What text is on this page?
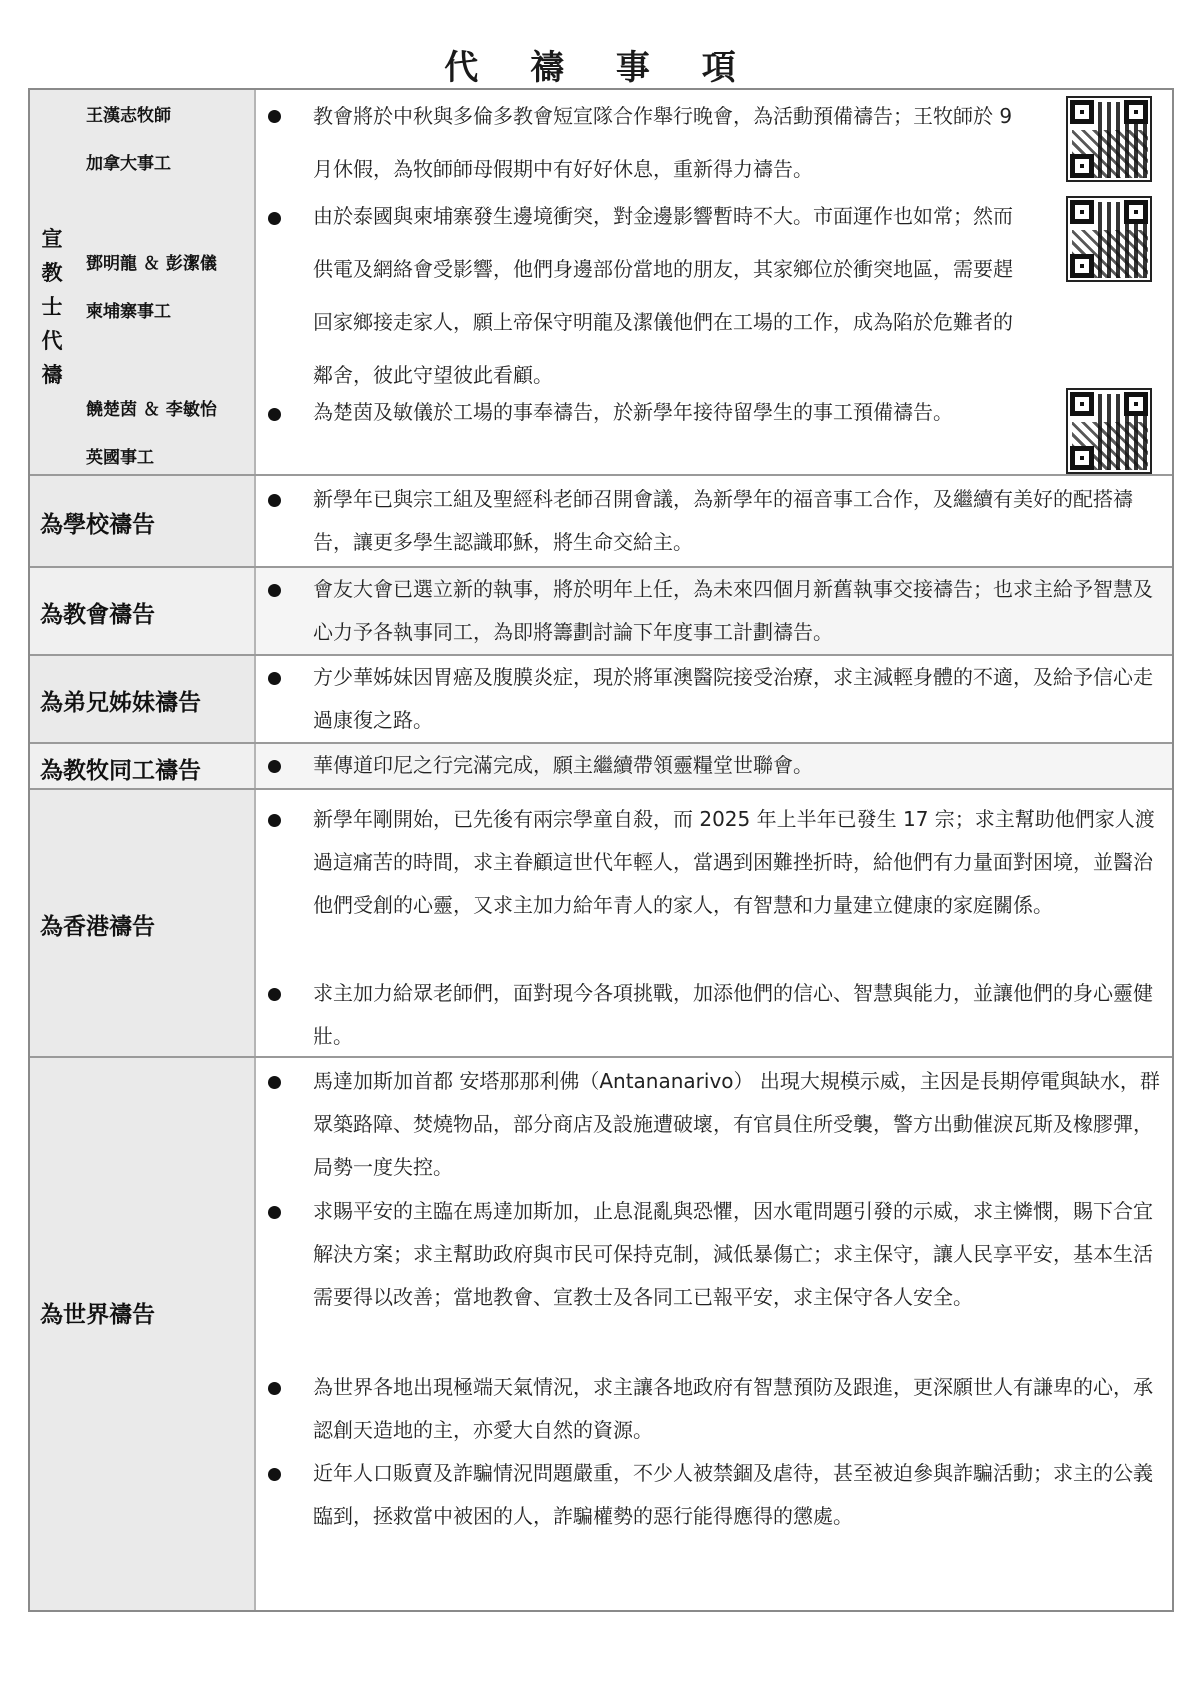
代 禱 事 項
宣教士代禱
王漢志牧師
加拿大事工
鄧明龍 ＆ 彭潔儀
柬埔寨事工
饒楚茵 ＆ 李敏怡
英國事工
教會將於中秋與多倫多教會短宣隊合作舉行晚會，為活動預備禱告；王牧師於 9 月休假，為牧師師母假期中有好好休息，重新得力禱告。
由於泰國與柬埔寨發生邊境衝突，對金邊影響暫時不大。市面運作也如常；然而供電及網絡會受影響，他們身邊部份當地的朋友，其家鄉位於衝突地區，需要趕回家鄉接走家人，願上帝保守明龍及潔儀他們在工場的工作，成為陷於危難者的鄰舍，彼此守望彼此看顧。
為楚茵及敏儀於工場的事奉禱告，於新學年接待留學生的事工預備禱告。
為學校禱告
新學年已與宗工組及聖經科老師召開會議，為新學年的福音事工合作，及繼續有美好的配搭禱告，讓更多學生認識耶穌，將生命交給主。
為教會禱告
會友大會已選立新的執事，將於明年上任，為未來四個月新舊執事交接禱告；也求主給予智慧及心力予各執事同工，為即將籌劃討論下年度事工計劃禱告。
為弟兄姊妹禱告
方少華姊妹因胃癌及腹膜炎症，現於將軍澳醫院接受治療，求主減輕身體的不適，及給予信心走過康復之路。
為教牧同工禱告	華傳道印尼之行完滿完成，願主繼續帶領靈糧堂世聯會。
為香港禱告
新學年剛開始，已先後有兩宗學童自殺，而 2025 年上半年已發生 17 宗；求主幫助他們家人渡過這痛苦的時間，求主眷顧這世代年輕人，當遇到困難挫折時，給他們有力量面對困境，並醫治他們受創的心靈，又求主加力給年青人的家人，有智慧和力量建立健康的家庭關係。
求主加力給眾老師們，面對現今各項挑戰，加添他們的信心、智慧與能力，並讓他們的身心靈健壯。
為世界禱告
馬達加斯加首都 安塔那那利佛（Antananarivo） 出現大規模示威，主因是長期停電與缺水，群眾築路障、焚燒物品，部分商店及設施遭破壞，有官員住所受襲，警方出動催淚瓦斯及橡膠彈，局勢一度失控。
求賜平安的主臨在馬達加斯加，止息混亂與恐懼，因水電問題引發的示威，求主憐憫，賜下合宜解決方案；求主幫助政府與市民可保持克制，減低暴傷亡；求主保守，讓人民享平安，基本生活需要得以改善；當地教會、宣教士及各同工已報平安，求主保守各人安全。
為世界各地出現極端天氣情況，求主讓各地政府有智慧預防及跟進，更深願世人有謙卑的心，承認創天造地的主，亦愛大自然的資源。
近年人口販賣及詐騙情況問題嚴重，不少人被禁錮及虐待，甚至被迫參與詐騙活動；求主的公義臨到，拯救當中被困的人，詐騙權勢的惡行能得應得的懲處。
